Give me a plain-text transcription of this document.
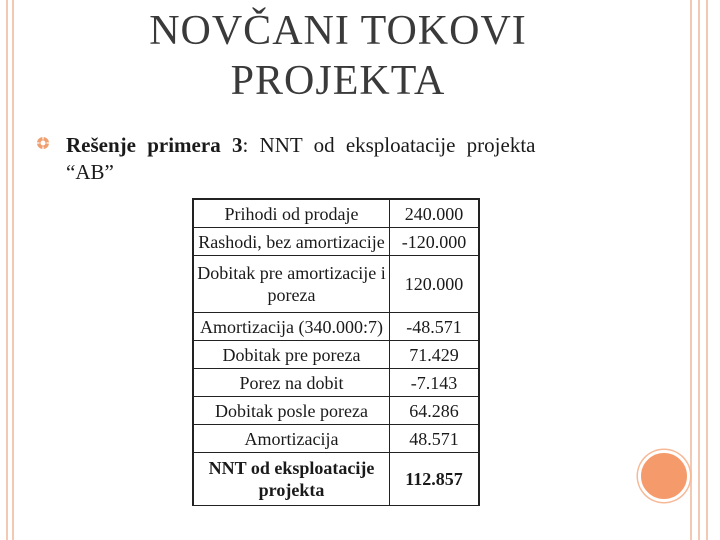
NOVČANI TOKOVI
PROJEKTA
Rešenje primera 3: NNT od eksploatacije projekta
“AB”
Prihodi od prodaje	240.000
Rashodi, bez amortizacije	-120.000
Dobitak pre amortizacije i poreza	120.000
Amortizacija (340.000:7)	-48.571
Dobitak pre poreza	71.429
Porez na dobit	-7.143
Dobitak posle poreza	64.286
Amortizacija	48.571
NNT od eksploatacije projekta	112.857
